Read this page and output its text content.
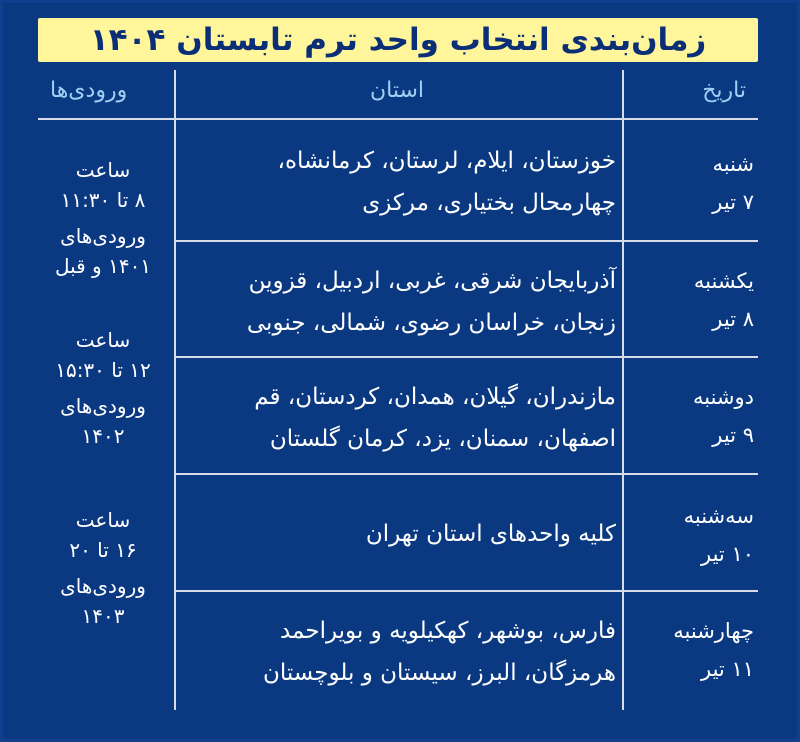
زمان‌بندی انتخاب واحد ترم تابستان ۱۴۰۴
تاریخ
استان
ورودی‌ها
شنبه
۷ تیر
خوزستان، ایلام، لرستان، کرمانشاه،
چهارمحال بختیاری، مرکزی
یکشنبه
۸ تیر
آذربایجان شرقی، غربی، اردبیل، قزوین
زنجان، خراسان رضوی، شمالی، جنوبی
دوشنبه
۹ تیر
مازندران، گیلان، همدان، کردستان، قم
اصفهان، سمنان، یزد، کرمان گلستان
سه‌شنبه
۱۰ تیر
کلیه واحدهای استان تهران
چهارشنبه
۱۱ تیر
فارس، بوشهر، کهکیلویه و بویراحمد
هرمزگان، البرز، سیستان و بلوچستان
ساعت
۸ تا ۱۱:۳۰
ورودی‌های
۱۴۰۱ و قبل
ساعت
۱۲ تا ۱۵:۳۰
ورودی‌های
۱۴۰۲
ساعت
۱۶ تا ۲۰
ورودی‌های
۱۴۰۳
